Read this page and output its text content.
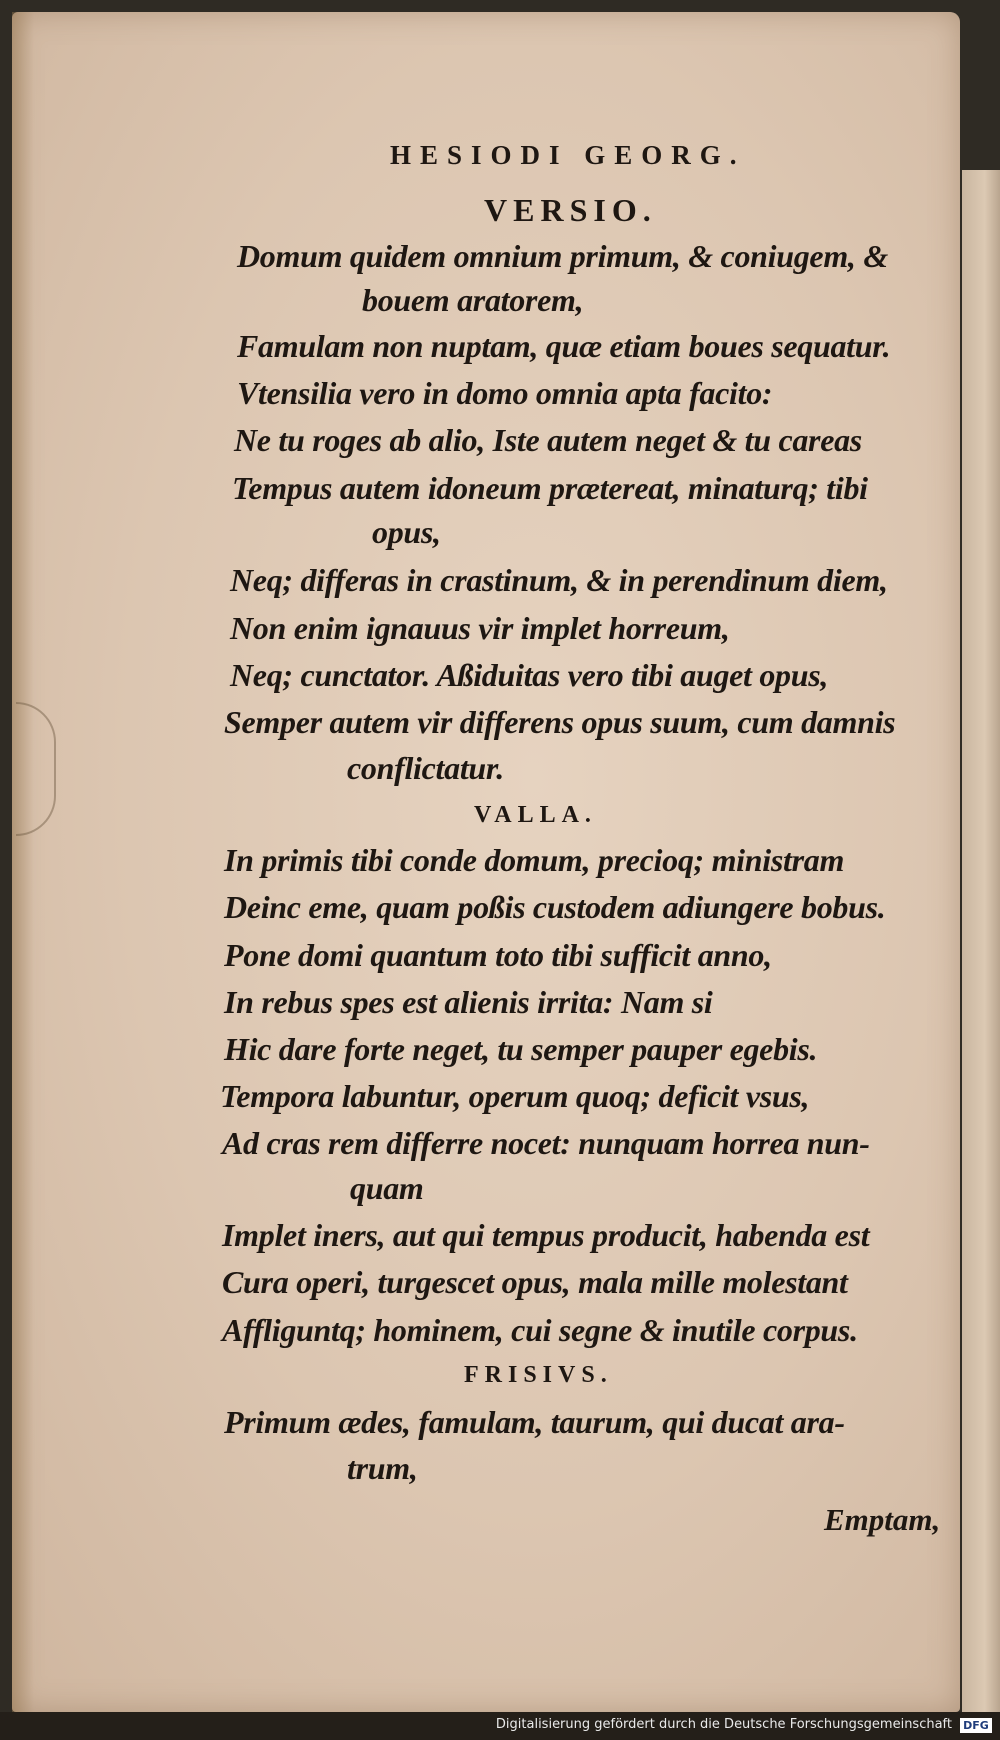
HESIODI GEORG.
VERSIO.
Domum quidem omnium primum, & coniugem, &
bouem aratorem,
Famulam non nuptam, quæ etiam boues sequatur.
Vtensilia vero in domo omnia apta facito:
Ne tu roges ab alio, Iste autem neget & tu careas
Tempus autem idoneum prætereat, minaturq; tibi
opus,
Neq; differas in crastinum, & in perendinum diem,
Non enim ignauus vir implet horreum,
Neq; cunctator. Aßiduitas vero tibi auget opus,
Semper autem vir differens opus suum, cum damnis
conflictatur.
VALLA.
In primis tibi conde domum, precioq; ministram
Deinc eme, quam poßis custodem adiungere bobus.
Pone domi quantum toto tibi sufficit anno,
In rebus spes est alienis irrita: Nam si
Hic dare forte neget, tu semper pauper egebis.
Tempora labuntur, operum quoq; deficit vsus,
Ad cras rem differre nocet: nunquam horrea nun-
quam
Implet iners, aut qui tempus producit, habenda est
Cura operi, turgescet opus, mala mille molestant
Affliguntq; hominem, cui segne & inutile corpus.
FRISIVS.
Primum ædes, famulam, taurum, qui ducat ara-
trum,
Emptam,
Digitalisierung gefördert durch die Deutsche Forschungsgemeinschaft DFG
